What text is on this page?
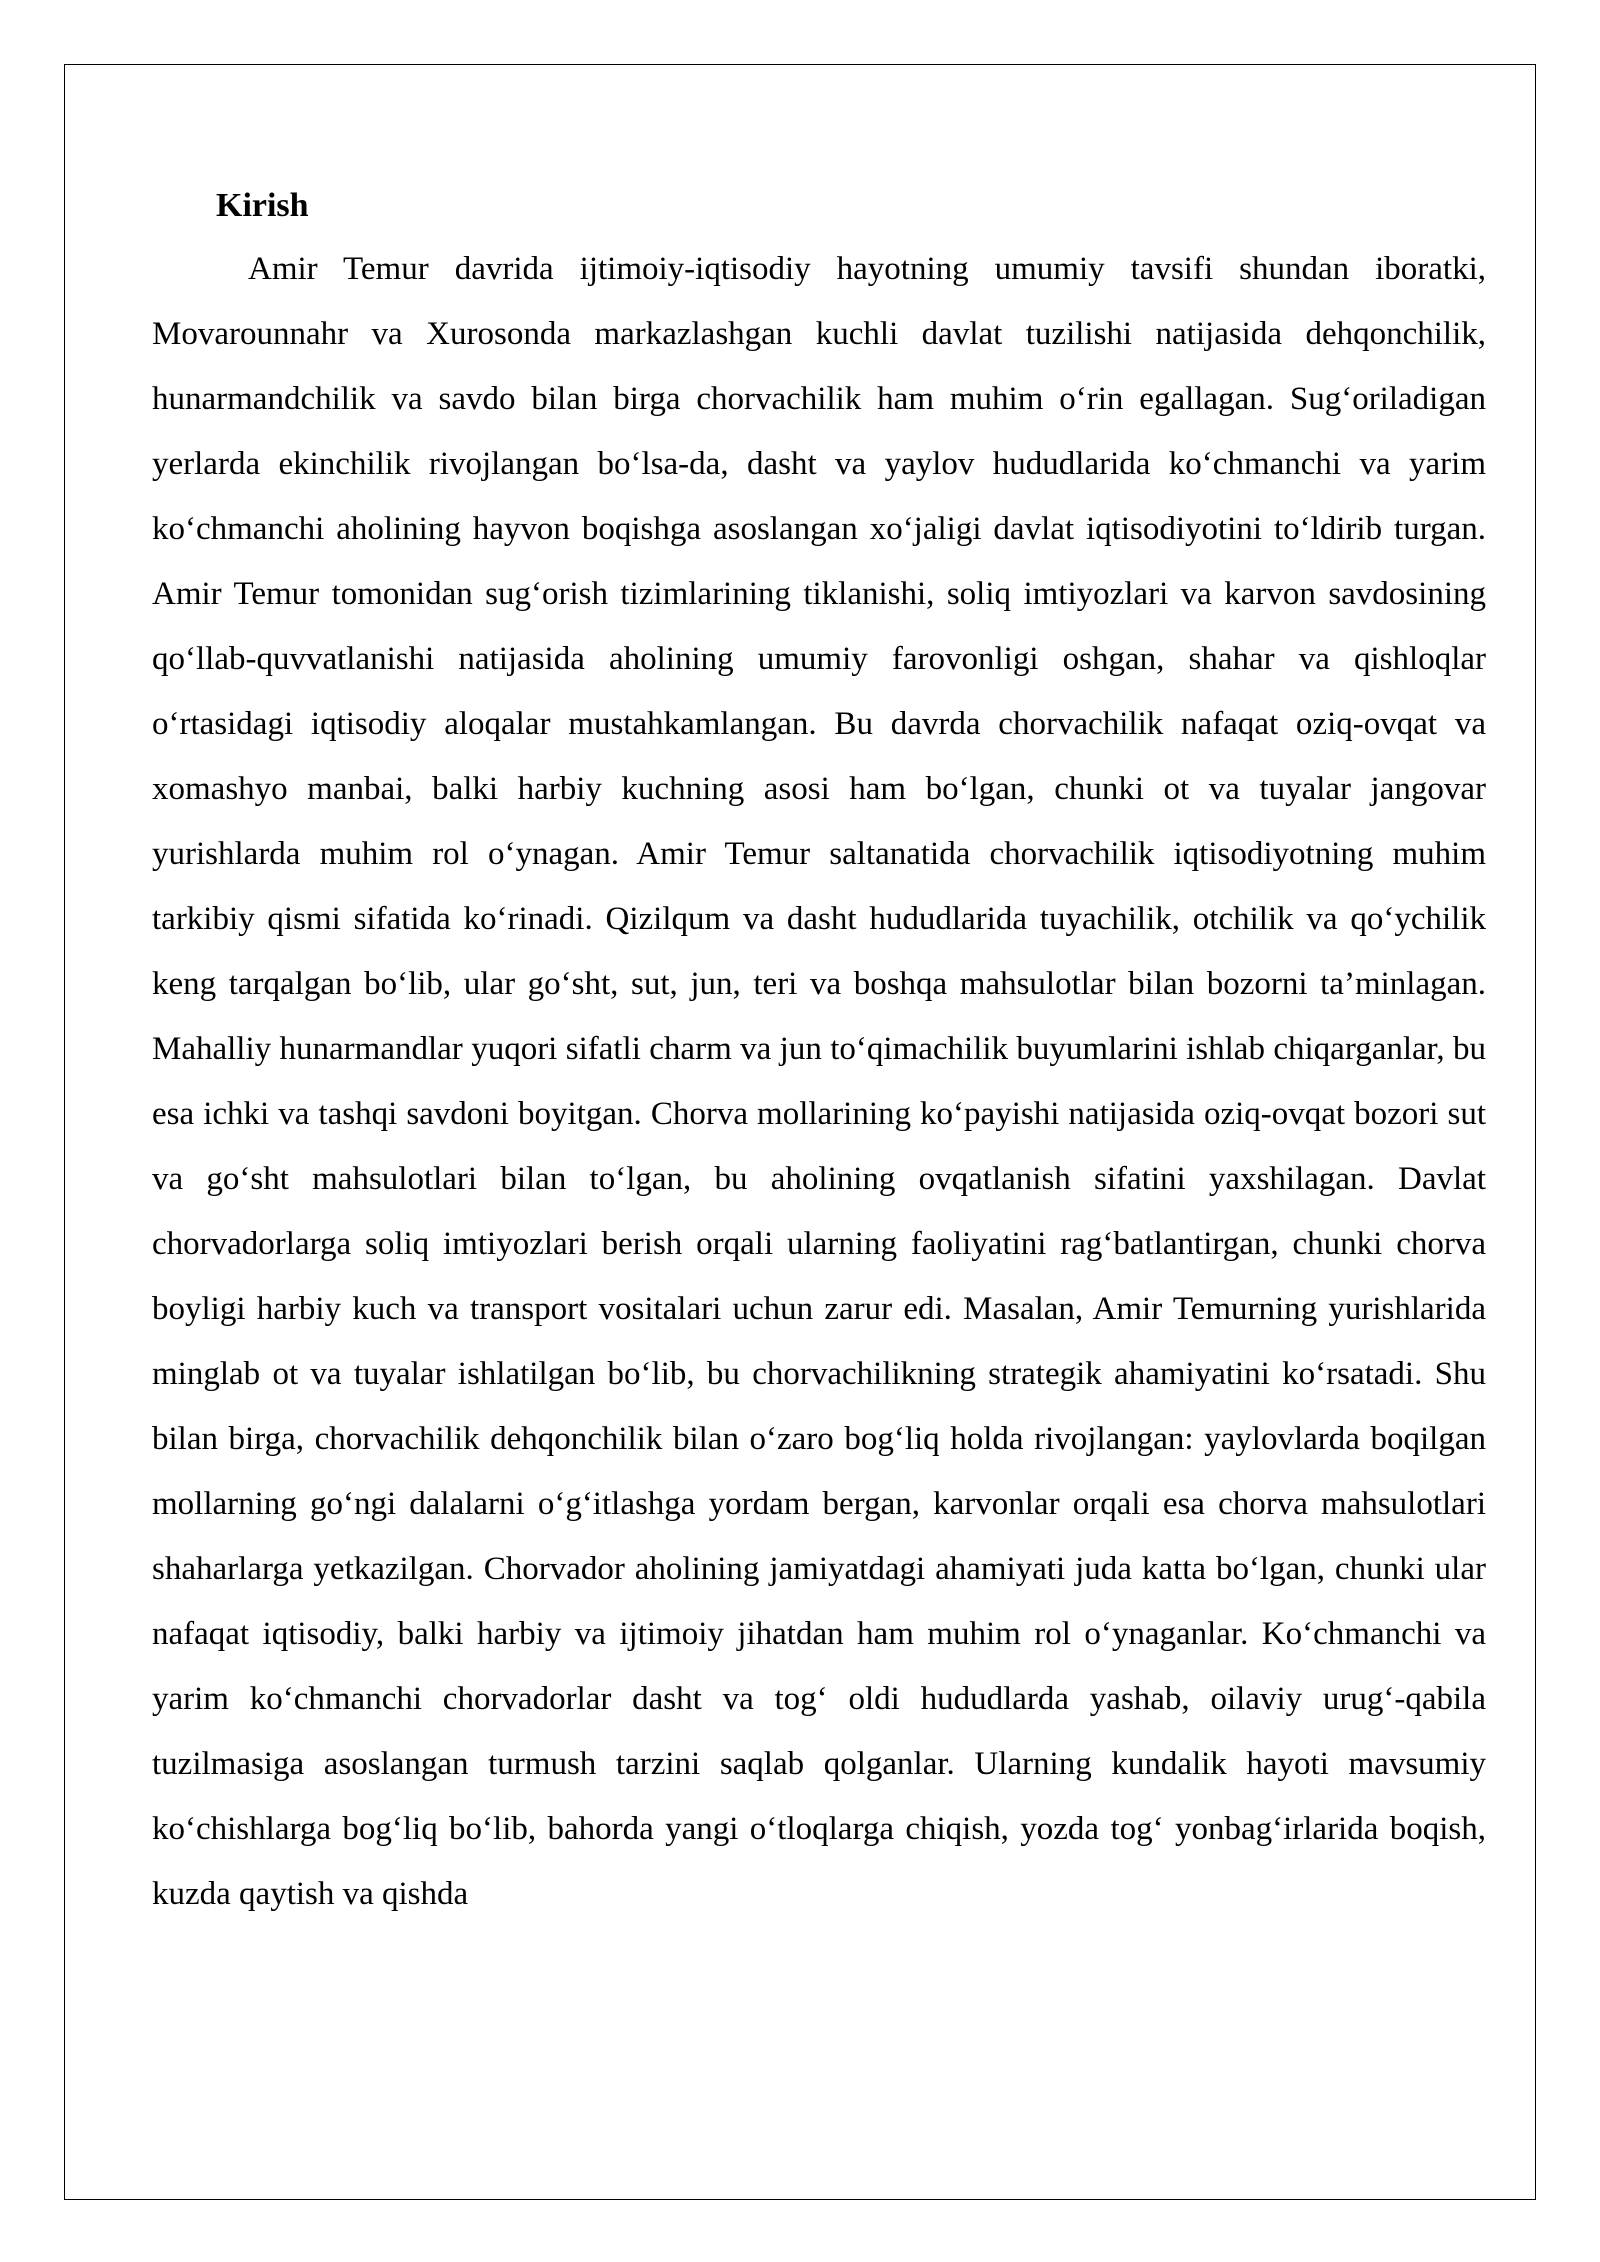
Kirish

Amir Temur davrida ijtimoiy-iqtisodiy hayotning umumiy tavsifi shundan iboratki, Movarounnahr va Xurosonda markazlashgan kuchli davlat tuzilishi natijasida dehqonchilik, hunarmandchilik va savdo bilan birga chorvachilik ham muhim o‘rin egallagan. Sug‘oriladigan yerlarda ekinchilik rivojlangan bo‘lsa-da, dasht va yaylov hududlarida ko‘chmanchi va yarim ko‘chmanchi aholining hayvon boqishga asoslangan xo‘jaligi davlat iqtisodiyotini to‘ldirib turgan. Amir Temur tomonidan sug‘orish tizimlarining tiklanishi, soliq imtiyozlari va karvon savdosining qo‘llab-quvvatlanishi natijasida aholining umumiy farovonligi oshgan, shahar va qishloqlar o‘rtasidagi iqtisodiy aloqalar mustahkamlangan. Bu davrda chorvachilik nafaqat oziq-ovqat va xomashyo manbai, balki harbiy kuchning asosi ham bo‘lgan, chunki ot va tuyalar jangovar yurishlarda muhim rol o‘ynagan. Amir Temur saltanatida chorvachilik iqtisodiyotning muhim tarkibiy qismi sifatida ko‘rinadi. Qizilqum va dasht hududlarida tuyachilik, otchilik va qo‘ychilik keng tarqalgan bo‘lib, ular go‘sht, sut, jun, teri va boshqa mahsulotlar bilan bozorni ta’minlagan. Mahalliy hunarmandlar yuqori sifatli charm va jun to‘qimachilik buyumlarini ishlab chiqarganlar, bu esa ichki va tashqi savdoni boyitgan. Chorva mollarining ko‘payishi natijasida oziq-ovqat bozori sut va go‘sht mahsulotlari bilan to‘lgan, bu aholining ovqatlanish sifatini yaxshilagan. Davlat chorvadorlarga soliq imtiyozlari berish orqali ularning faoliyatini rag‘batlantirgan, chunki chorva boyligi harbiy kuch va transport vositalari uchun zarur edi. Masalan, Amir Temurning yurishlarida minglab ot va tuyalar ishlatilgan bo‘lib, bu chorvachilikning strategik ahamiyatini ko‘rsatadi. Shu bilan birga, chorvachilik dehqonchilik bilan o‘zaro bog‘liq holda rivojlangan: yaylovlarda boqilgan mollarning go‘ngi dalalarni o‘g‘itlashga yordam bergan, karvonlar orqali esa chorva mahsulotlari shaharlarga yetkazilgan. Chorvador aholining jamiyatdagi ahamiyati juda katta bo‘lgan, chunki ular nafaqat iqtisodiy, balki harbiy va ijtimoiy jihatdan ham muhim rol o‘ynaganlar. Ko‘chmanchi va yarim ko‘chmanchi chorvadorlar dasht va tog‘ oldi hududlarda yashab, oilaviy urug‘-qabila tuzilmasiga asoslangan turmush tarzini saqlab qolganlar. Ularning kundalik hayoti mavsumiy ko‘chishlarga bog‘liq bo‘lib, bahorda yangi o‘tloqlarga chiqish, yozda tog‘ yonbag‘irlarida boqish, kuzda qaytish va qishda
